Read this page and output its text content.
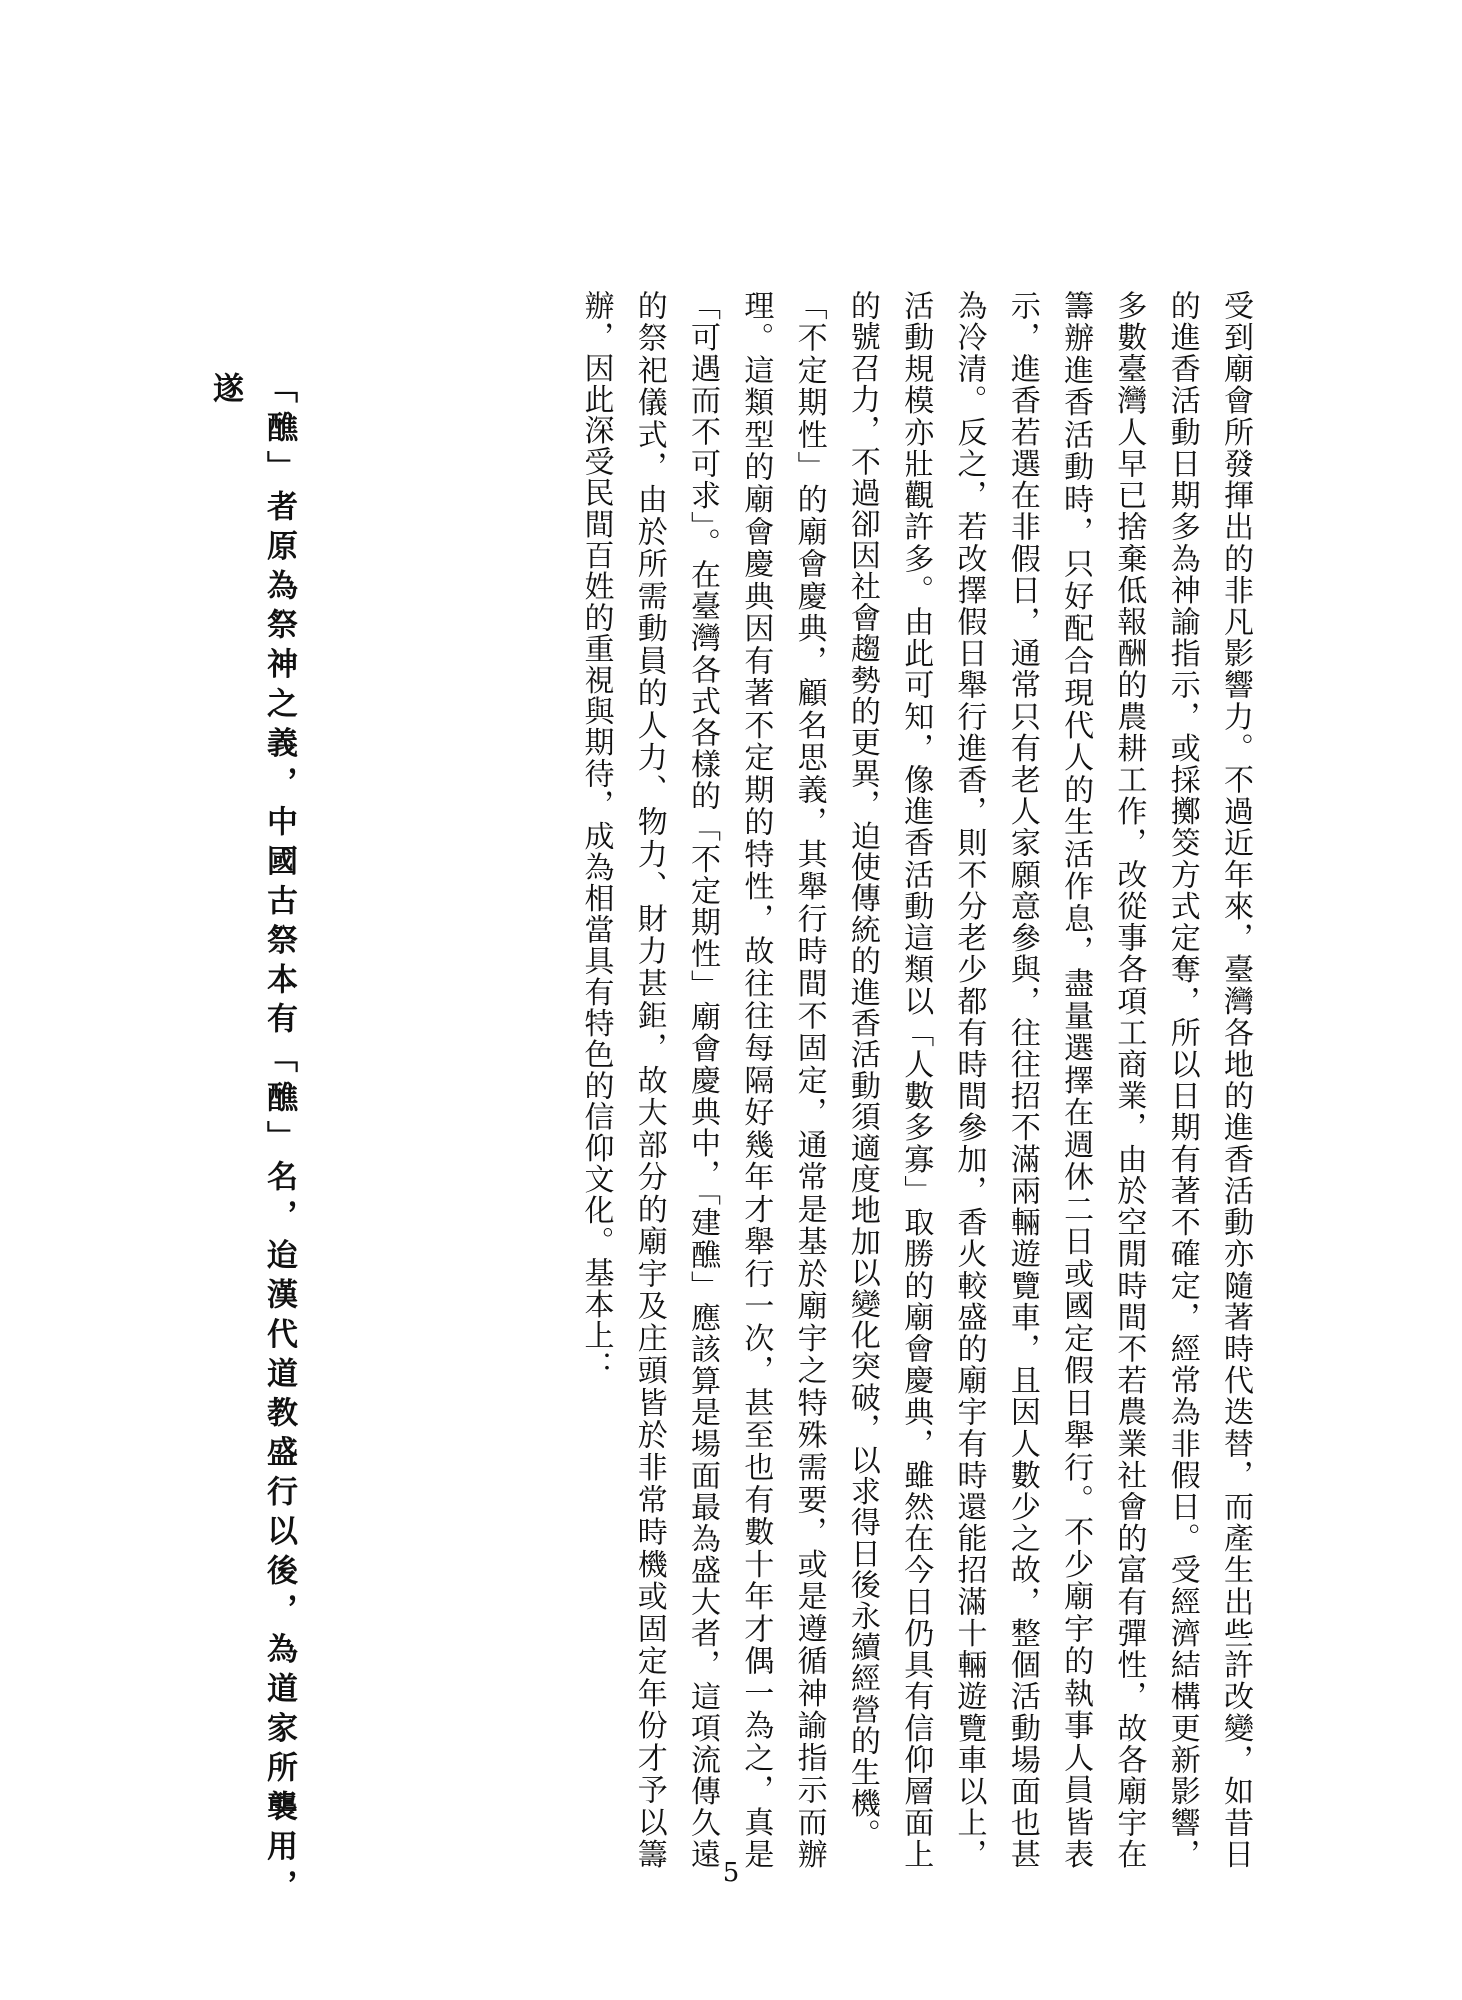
受到廟會所發揮出的非凡影響力。不過近年來，臺灣各地的進香活動亦隨著時代迭替，而產生出些許改變，如昔日的進香活動日期多為神諭指示，或採擲筊方式定奪，所以日期有著不確定，經常為非假日。受經濟結構更新影響，多數臺灣人早已捨棄低報酬的農耕工作，改從事各項工商業，由於空閒時間不若農業社會的富有彈性，故各廟宇在籌辦進香活動時，只好配合現代人的生活作息，盡量選擇在週休二日或國定假日舉行。不少廟宇的執事人員皆表示，進香若選在非假日，通常只有老人家願意參與，往往招不滿兩輛遊覽車，且因人數少之故，整個活動場面也甚為冷清。反之，若改擇假日舉行進香，則不分老少都有時間參加，香火較盛的廟宇有時還能招滿十輛遊覽車以上，活動規模亦壯觀許多。由此可知，像進香活動這類以「人數多寡」取勝的廟會慶典，雖然在今日仍具有信仰層面上的號召力，不過卻因社會趨勢的更異，迫使傳統的進香活動須適度地加以變化突破，以求得日後永續經營的生機。

「不定期性」的廟會慶典，顧名思義，其舉行時間不固定，通常是基於廟宇之特殊需要，或是遵循神諭指示而辦理。這類型的廟會慶典因有著不定期的特性，故往往每隔好幾年才舉行一次，甚至也有數十年才偶一為之，真是「可遇而不可求」。在臺灣各式各樣的「不定期性」廟會慶典中，「建醮」應該算是場面最為盛大者，這項流傳久遠的祭祀儀式，由於所需動員的人力、物力、財力甚鉅，故大部分的廟宇及庄頭皆於非常時機或固定年份才予以籌辦，因此深受民間百姓的重視與期待，成為相當具有特色的信仰文化。基本上：

「醮」者原為祭神之義，中國古祭本有「醮」名，迨漢代道教盛行以後，為道家所襲用，遂
5
